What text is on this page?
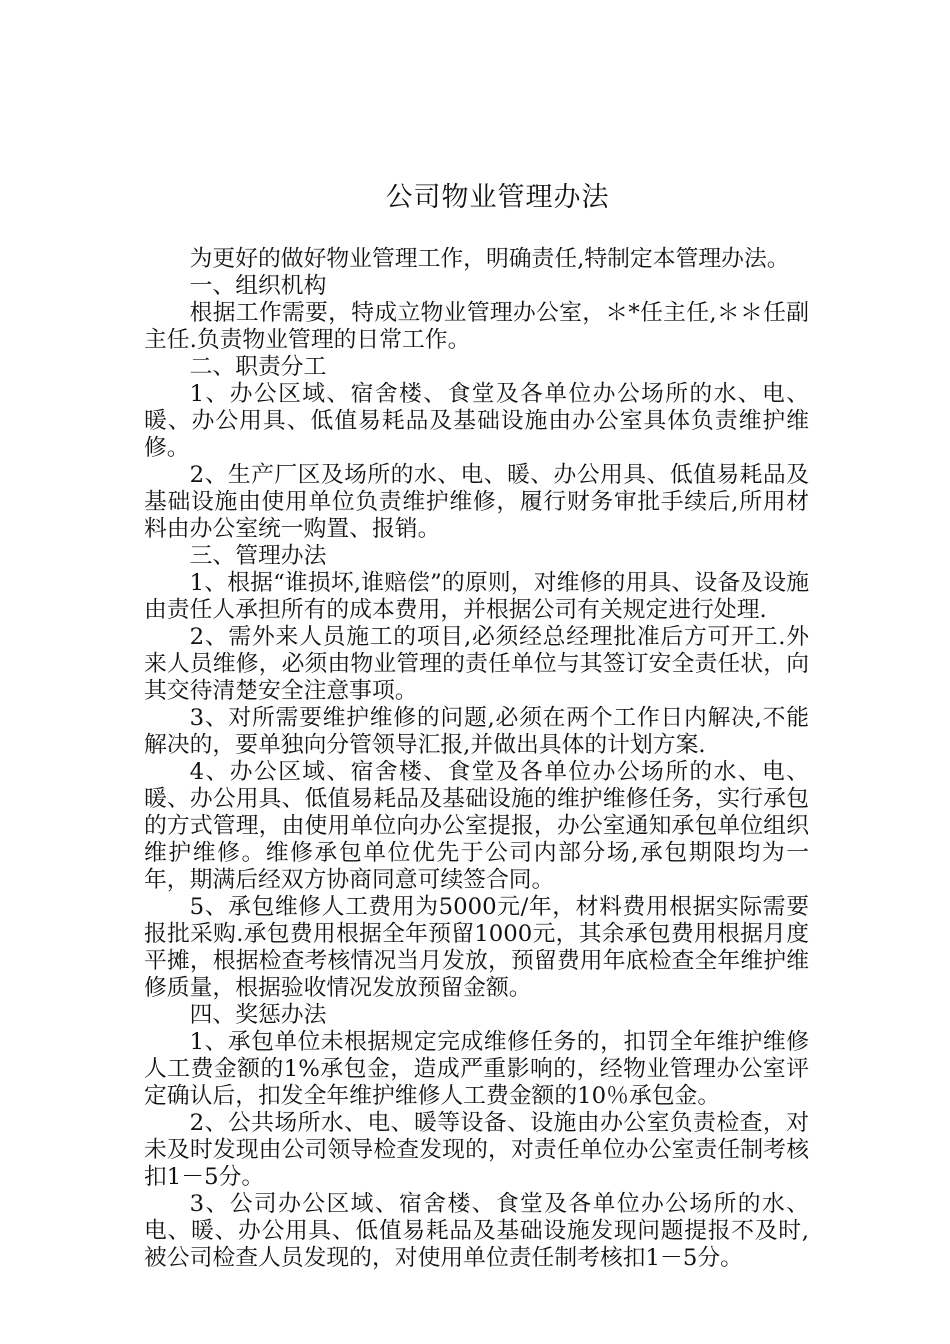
公司物业管理办法

为更好的做好物业管理工作，明确责任,特制定本管理办法。

一、组织机构

根据工作需要，特成立物业管理办公室，＊*任主任,＊＊任副主任.负责物业管理的日常工作。

二、职责分工

1、办公区域、宿舍楼、食堂及各单位办公场所的水、电、暖、办公用具、低值易耗品及基础设施由办公室具体负责维护维修。

2、生产厂区及场所的水、电、暖、办公用具、低值易耗品及基础设施由使用单位负责维护维修，履行财务审批手续后,所用材料由办公室统一购置、报销。

三、管理办法

1、根据“谁损坏,谁赔偿”的原则，对维修的用具、设备及设施由责任人承担所有的成本费用，并根据公司有关规定进行处理.

2、需外来人员施工的项目,必须经总经理批准后方可开工.外来人员维修，必须由物业管理的责任单位与其签订安全责任状，向其交待清楚安全注意事项。

3、对所需要维护维修的问题,必须在两个工作日内解决,不能解决的，要单独向分管领导汇报,并做出具体的计划方案.

4、办公区域、宿舍楼、食堂及各单位办公场所的水、电、暖、办公用具、低值易耗品及基础设施的维护维修任务，实行承包的方式管理，由使用单位向办公室提报，办公室通知承包单位组织维护维修。维修承包单位优先于公司内部分场,承包期限均为一年，期满后经双方协商同意可续签合同。

5、承包维修人工费用为5000元/年，材料费用根据实际需要报批采购.承包费用根据全年预留1000元，其余承包费用根据月度平摊，根据检查考核情况当月发放，预留费用年底检查全年维护维修质量，根据验收情况发放预留金额。

四、奖惩办法

1、承包单位未根据规定完成维修任务的，扣罚全年维护维修人工费金额的1%承包金，造成严重影响的，经物业管理办公室评定确认后，扣发全年维护维修人工费金额的10％承包金。

2、公共场所水、电、暖等设备、设施由办公室负责检查，对未及时发现由公司领导检查发现的，对责任单位办公室责任制考核扣1－5分。

3、公司办公区域、宿舍楼、食堂及各单位办公场所的水、电、暖、办公用具、低值易耗品及基础设施发现问题提报不及时,被公司检查人员发现的，对使用单位责任制考核扣1－5分。
